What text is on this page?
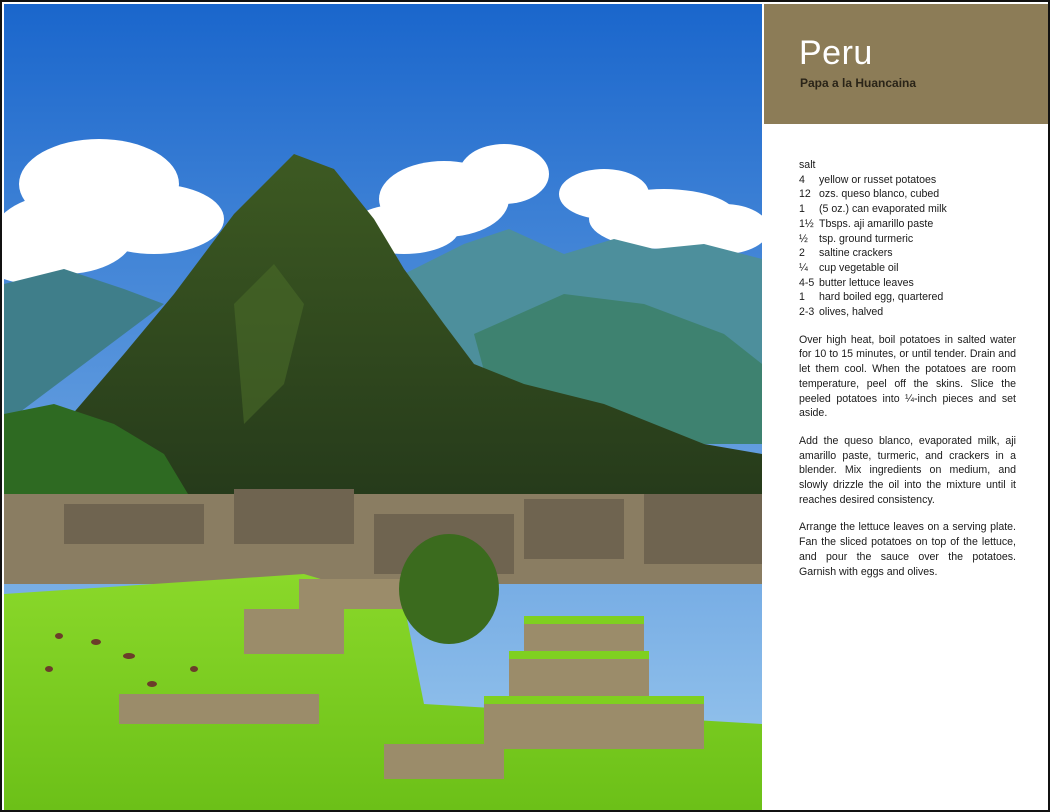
Peru
Papa a la Huancaina
salt
4	yellow or russet potatoes
12 ozs. queso blanco, cubed
1	(5 oz.) can evaporated milk
1½ Tbsps. aji amarillo paste
½	tsp. ground turmeric
2	saltine crackers
¼	cup vegetable oil
4-5 butter lettuce leaves
1	hard boiled egg, quartered
2-3 olives, halved

Over high heat, boil potatoes in salted water for 10 to 15 minutes, or until tender. Drain and let them cool. When the potatoes are room temperature, peel off the skins. Slice the peeled potatoes into ¼-inch pieces and set aside.

Add the queso blanco, evaporated milk, aji amarillo paste, turmeric, and crackers in a blender. Mix ingredients on medium, and slowly drizzle the oil into the mixture until it reaches desired consistency.

Arrange the lettuce leaves on a serving plate. Fan the sliced potatoes on top of the lettuce, and pour the sauce over the potatoes. Garnish with eggs and olives.
